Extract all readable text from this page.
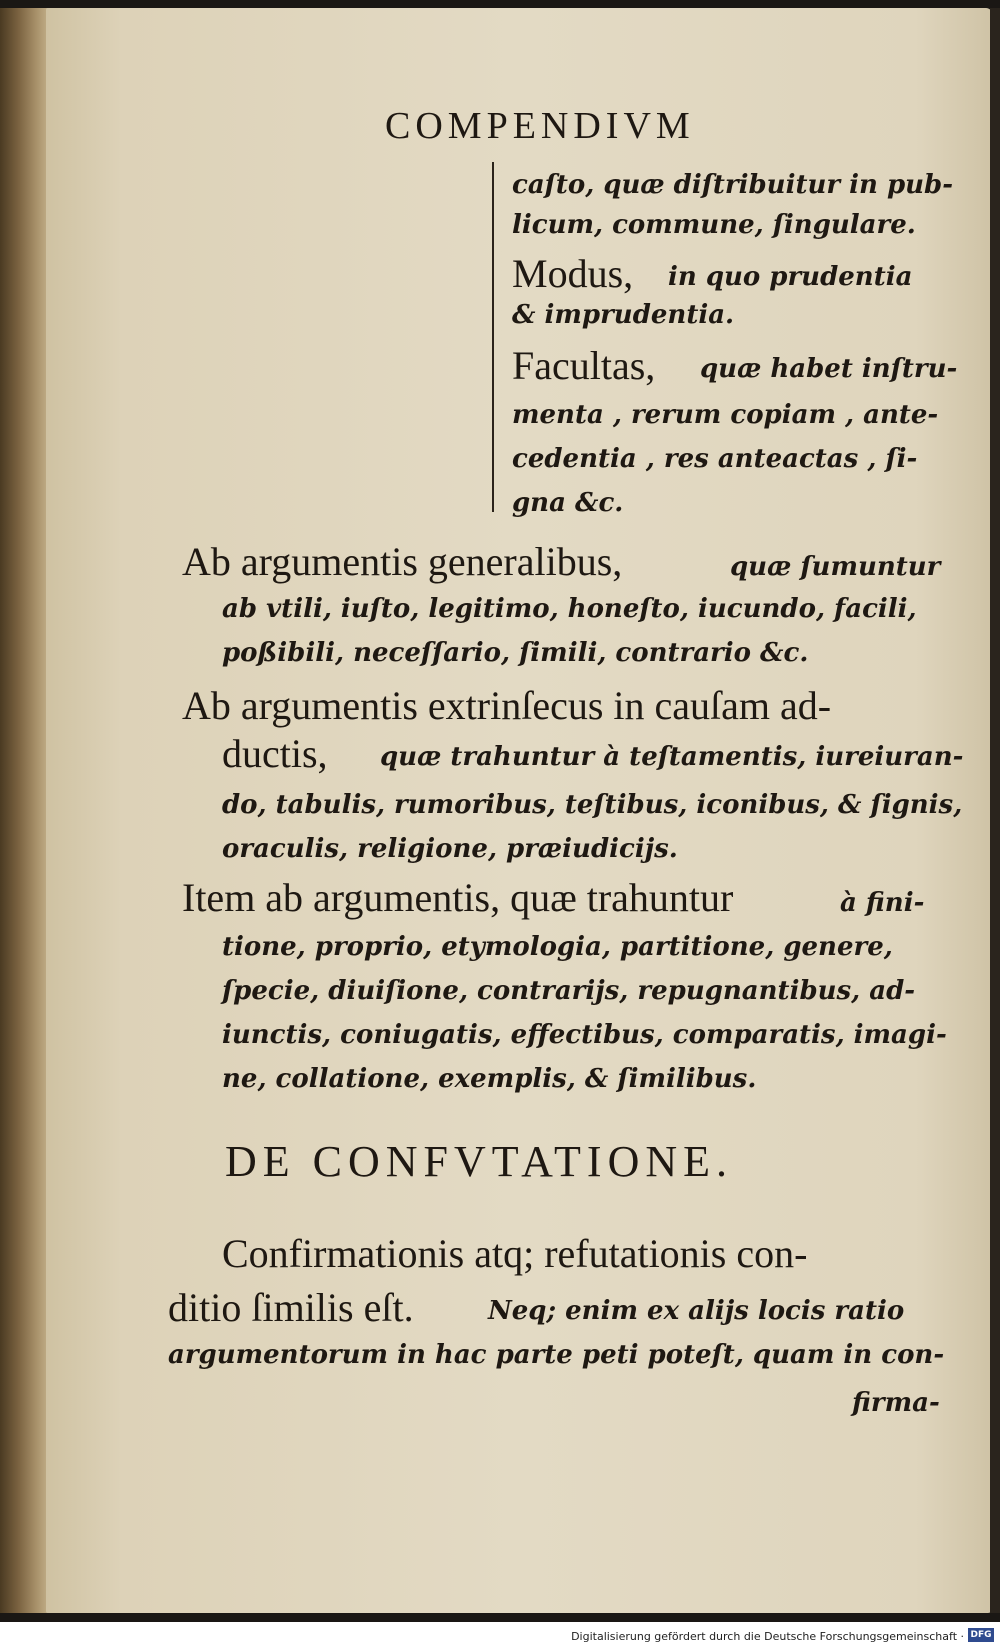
COMPENDIVM
caſto, quæ diſtribuitur in pub-
licum, commune, ſingulare.
Modus, in quo prudentia
& imprudentia.
Facultas, quæ habet inſtru-
menta , rerum copiam , ante-
cedentia , res anteactas , ſi-
gna &c.
Ab argumentis generalibus,	quæ ſumuntur
ab vtili, iuſto, legitimo, honeſto, iucundo, facili,
poßibili, neceſſario, ſimili, contrario &c.
Ab argumentis extrinſecus in cauſam ad-
ductis, quæ trahuntur à teſtamentis, iureiuran-
do, tabulis, rumoribus, teſtibus, iconibus, & ſignis,
oraculis, religione, præiudicijs.
Item ab argumentis, quæ trahuntur	à fini-
tione, proprio, etymologia, partitione, genere,
ſpecie, diuiſione, contrarijs, repugnantibus, ad-
iunctis, coniugatis, effectibus, comparatis, imagi-
ne, collatione, exemplis, & ſimilibus.
DE CONFVTATIONE.
Confirmationis atq; refutationis con-
ditio ſimilis eſt.	Neq; enim ex alijs locis ratio
argumentorum in hac parte peti poteſt, quam in con-
firma-
Digitalisierung gefördert durch die Deutsche Forschungsgemeinschaft · DFG
